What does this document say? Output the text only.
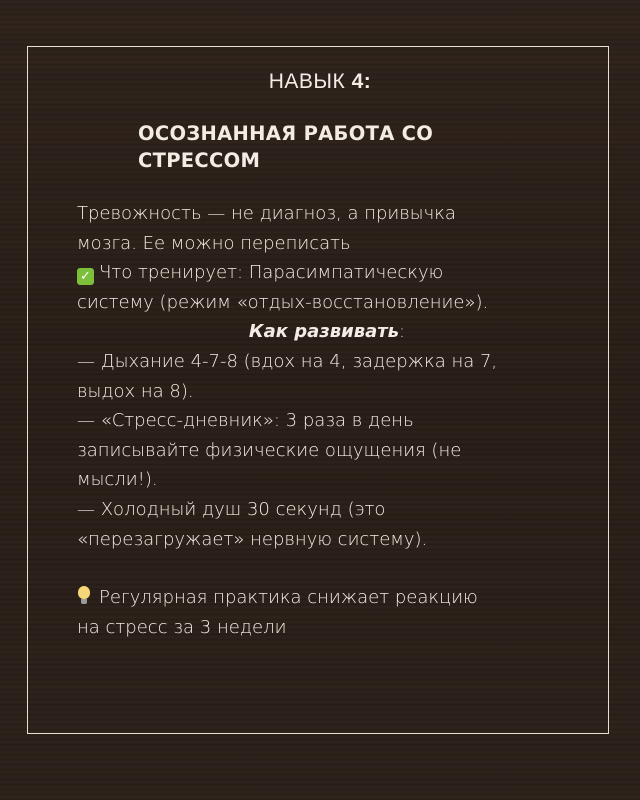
НАВЫК 4:
ОСОЗНАННАЯ РАБОТА СО
СТРЕССОМ

Тревожность — не диагноз, а привычка

мозга. Ее можно переписать

✓ Что тренирует: Парасимпатическую

систему (режим «отдых-восстановление»).

Как развивать:

— Дыхание 4-7-8 (вдох на 4, задержка на 7,

выдох на 8).

— «Стресс-дневник»: 3 раза в день

записывайте физические ощущения (не

мысли!).

— Холодный душ 30 секунд (это

«перезагружает» нервную систему).

Регулярная практика снижает реакцию

на стресс за 3 недели
